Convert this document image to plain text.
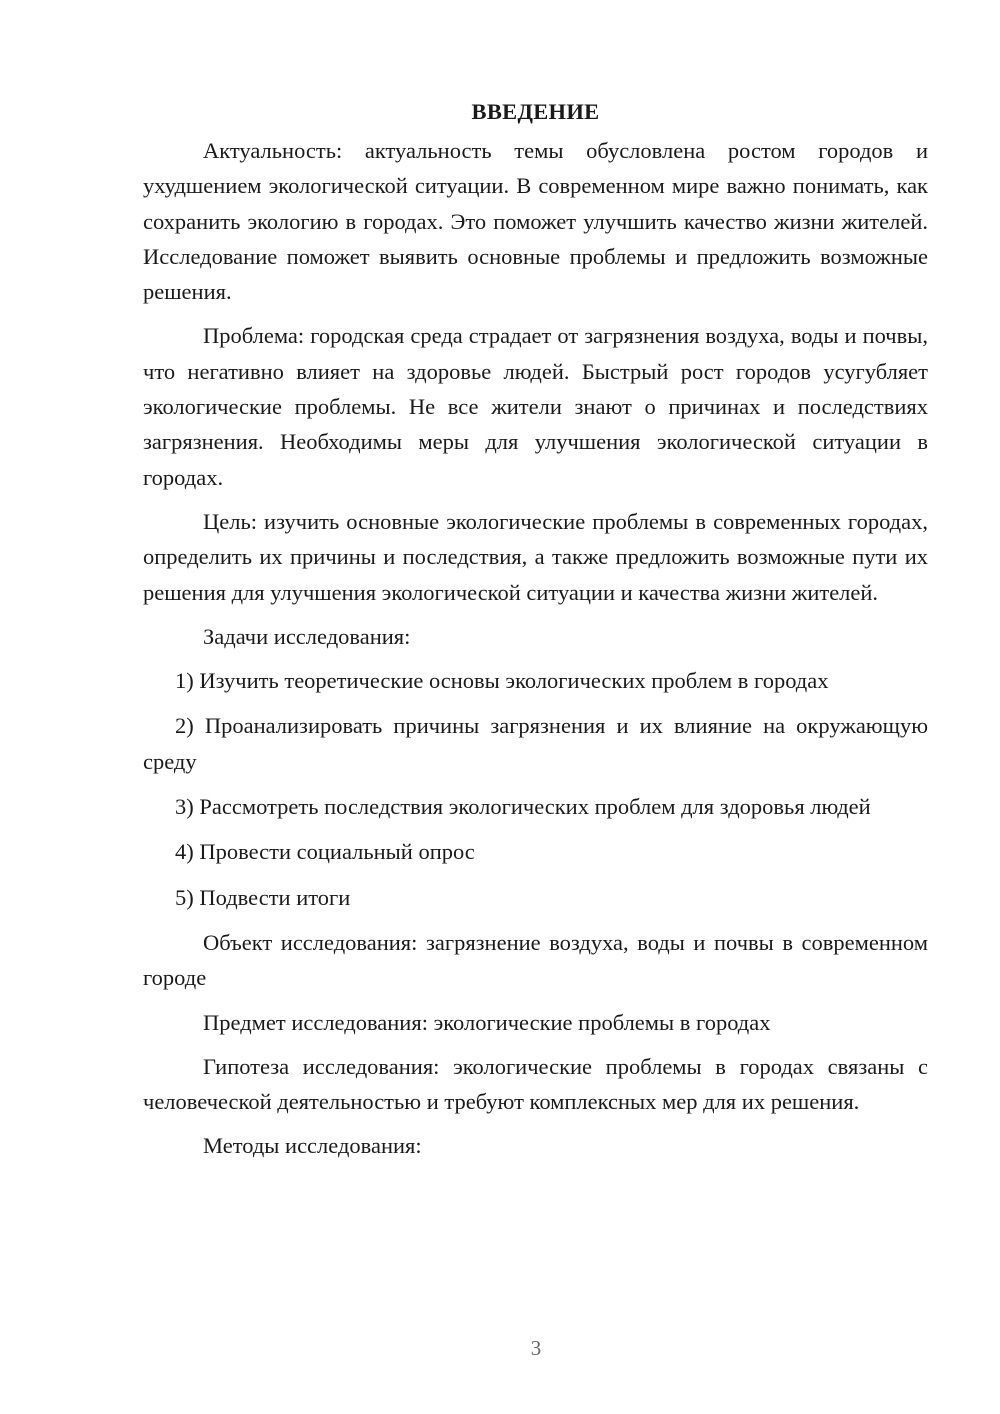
ВВЕДЕНИЕ

Актуальность: актуальность темы обусловлена ростом городов и ухудшением экологической ситуации. В современном мире важно понимать, как сохранить экологию в городах. Это поможет улучшить качество жизни жителей. Исследование поможет выявить основные проблемы и предложить возможные решения.

Проблема: городская среда страдает от загрязнения воздуха, воды и почвы, что негативно влияет на здоровье людей. Быстрый рост городов усугубляет экологические проблемы. Не все жители знают о причинах и последствиях загрязнения. Необходимы меры для улучшения экологической ситуации в городах.

Цель: изучить основные экологические проблемы в современных городах, определить их причины и последствия, а также предложить возможные пути их решения для улучшения экологической ситуации и качества жизни жителей.

Задачи исследования:

1) Изучить теоретические основы экологических проблем в городах
2) Проанализировать причины загрязнения и их влияние на окружающую среду
3) Рассмотреть последствия экологических проблем для здоровья людей
4) Провести социальный опрос
5) Подвести итоги

Объект исследования: загрязнение воздуха, воды и почвы в современном городе

Предмет исследования: экологические проблемы в городах

Гипотеза исследования: экологические проблемы в городах связаны с человеческой деятельностью и требуют комплексных мер для их решения.

Методы исследования:

3
